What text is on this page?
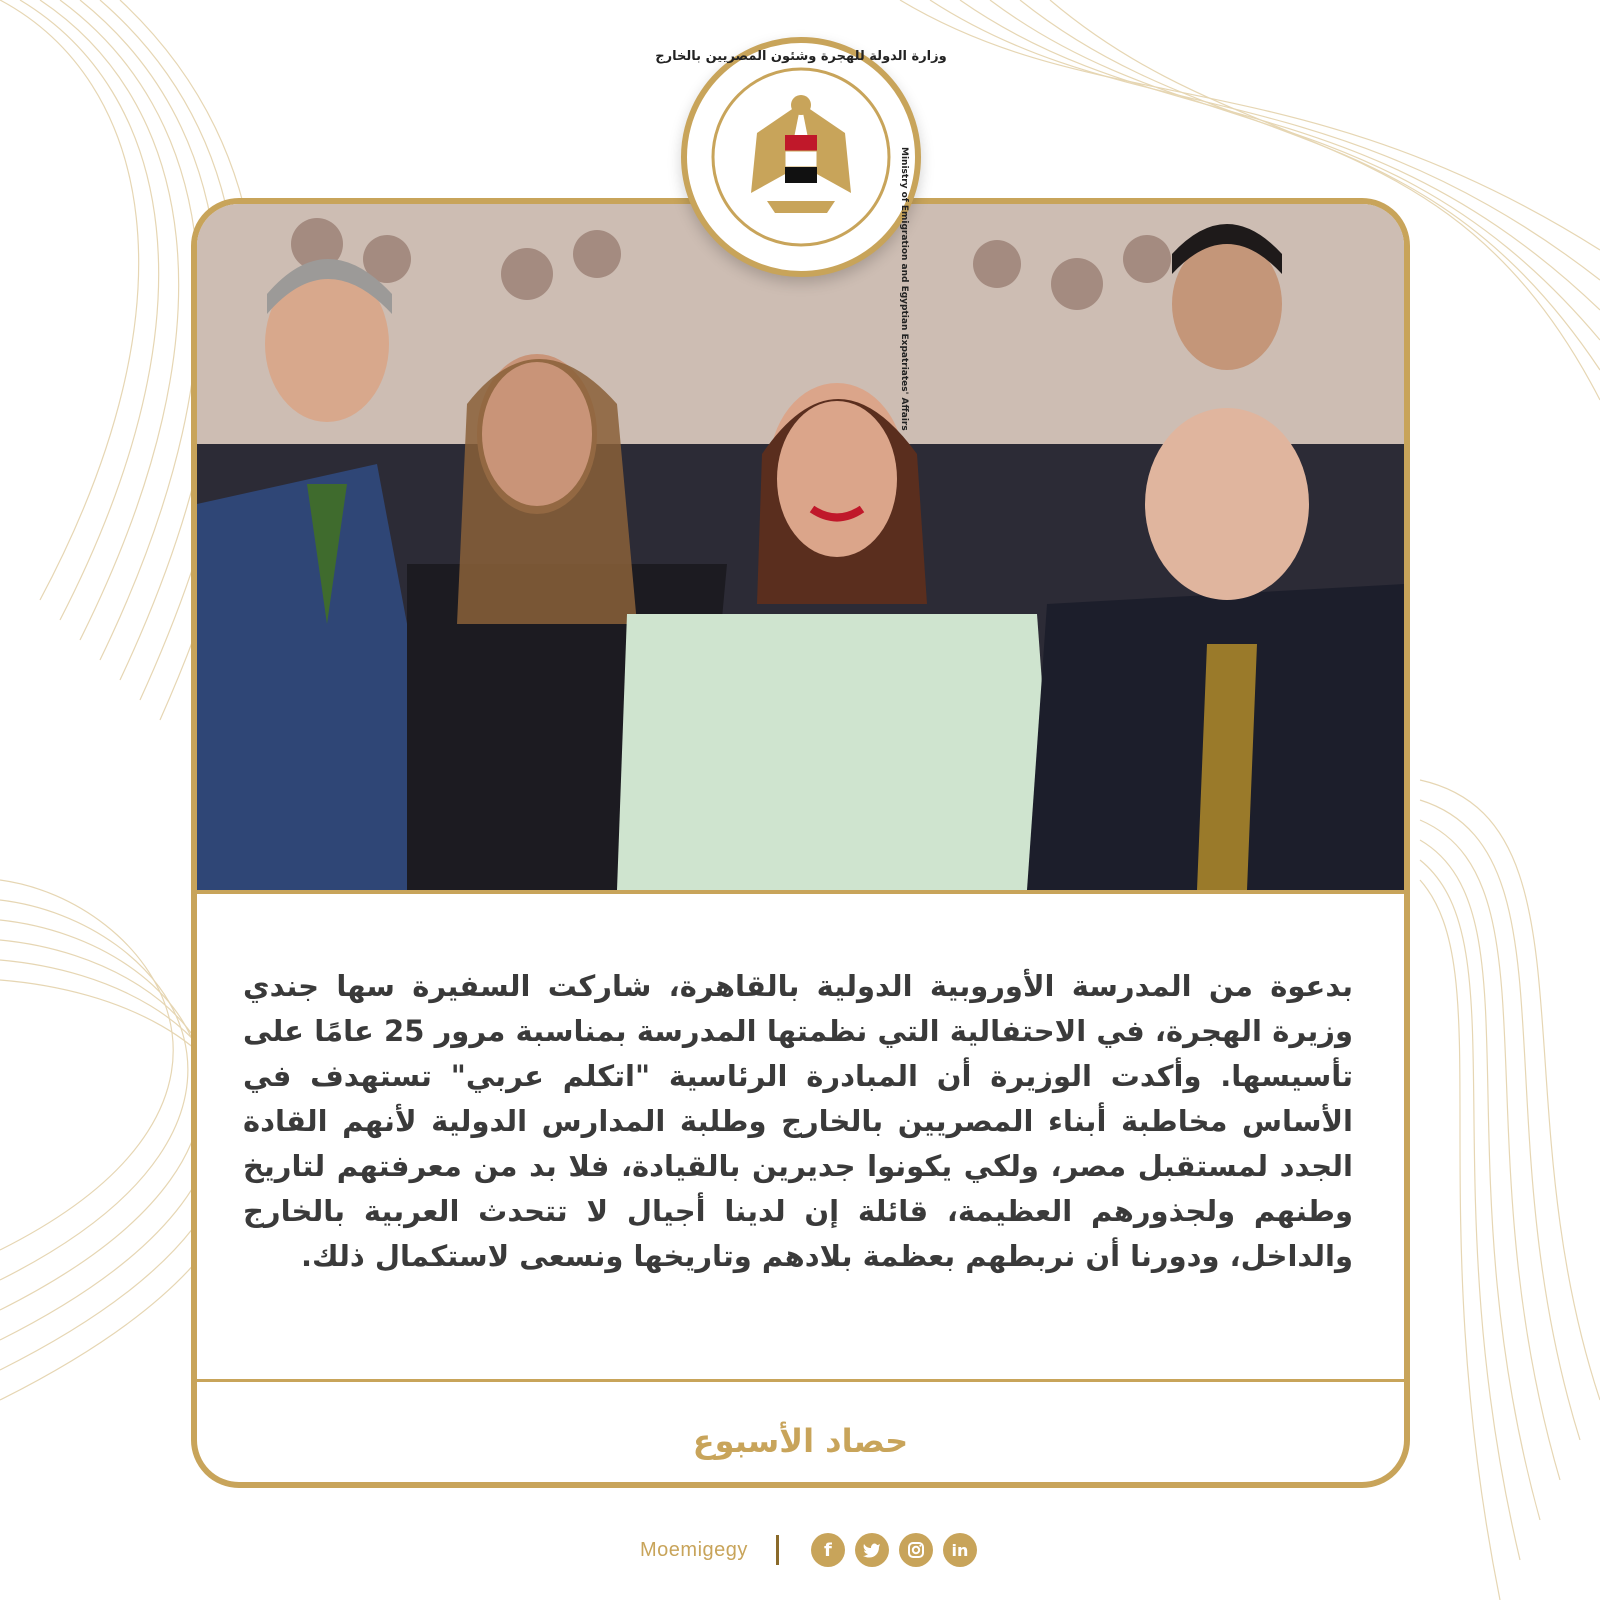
بدعوة من المدرسة الأوروبية الدولية بالقاهرة، شاركت السفيرة سها جندي وزيرة الهجرة، في الاحتفالية التي نظمتها المدرسة بمناسبة مرور 25 عامًا على تأسيسها. وأكدت الوزيرة أن المبادرة الرئاسية "اتكلم عربي" تستهدف في الأساس مخاطبة أبناء المصريين بالخارج وطلبة المدارس الدولية لأنهم القادة الجدد لمستقبل مصر، ولكي يكونوا جديرين بالقيادة، فلا بد من معرفتهم لتاريخ وطنهم ولجذورهم العظيمة، قائلة إن لدينا أجيال لا تتحدث العربية بالخارج والداخل، ودورنا أن نربطهم بعظمة بلادهم وتاريخها ونسعى لاستكمال ذلك.

حصاد الأسبوع
وزارة الدولة للهجرة وشئون المصريين بالخارج
Ministry of Emigration and Egyptian Expatriates' Affairs
Moemigegy	f	in
